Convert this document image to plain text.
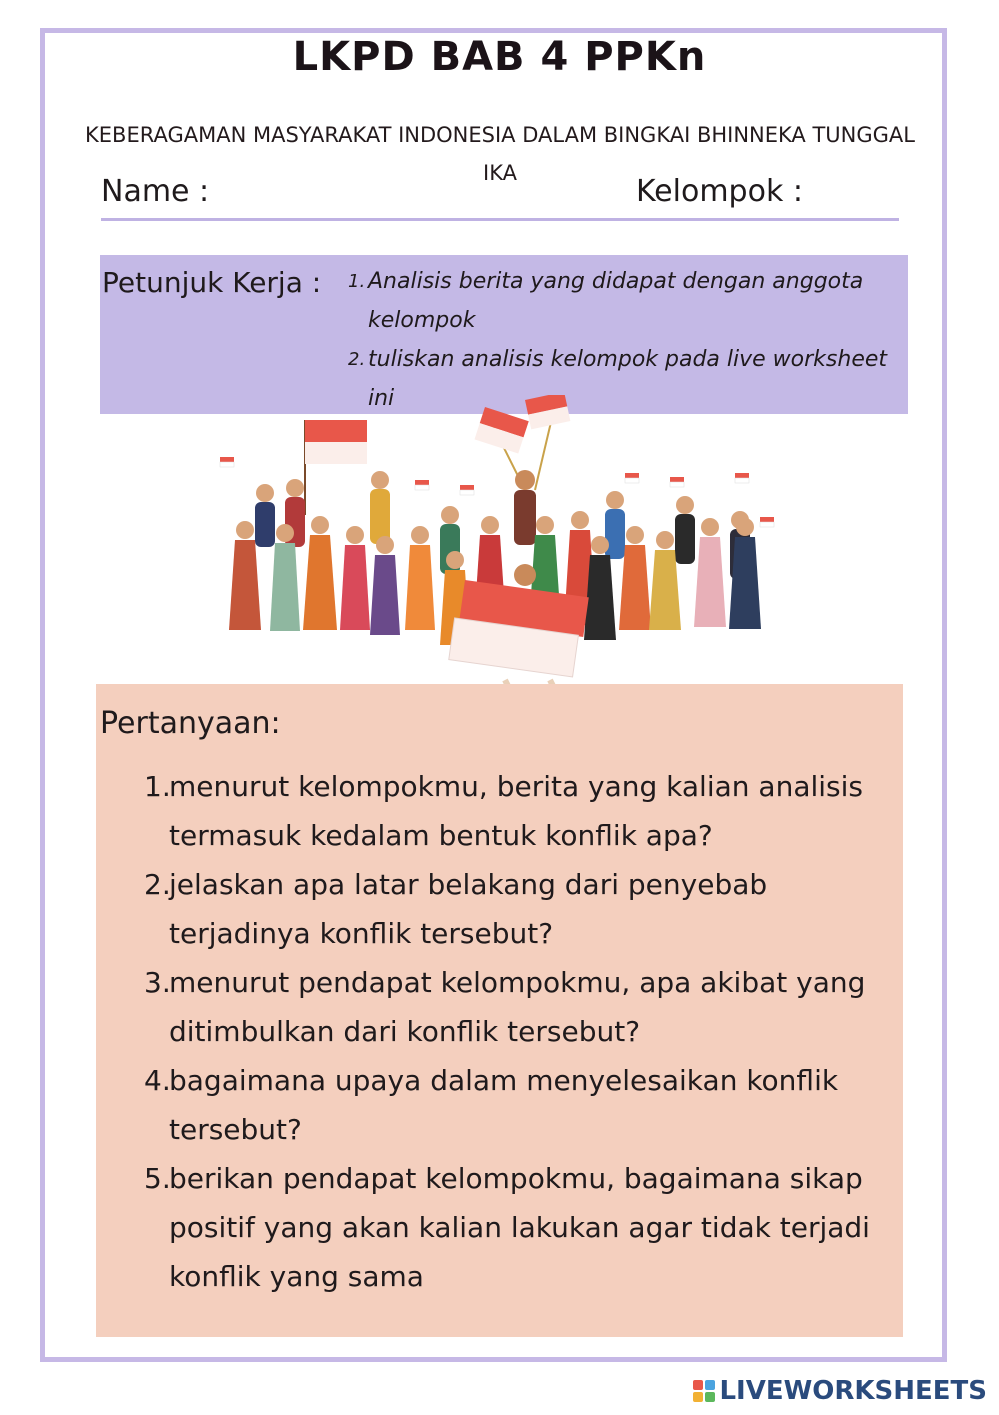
LKPD BAB 4 PPKn
KEBERAGAMAN MASYARAKAT INDONESIA DALAM BINGKAI BHINNEKA TUNGGAL IKA
Name :	Kelompok :
Petunjuk Kerja : 1. Analisis berita yang didapat dengan anggota kelompok
2. tuliskan analisis kelompok pada live worksheet ini
Pertanyaan:
1.
menurut kelompokmu, berita yang kalian analisis termasuk kedalam bentuk konflik apa?
2.
jelaskan apa latar belakang dari penyebab terjadinya konflik tersebut?
3.
menurut pendapat kelompokmu, apa akibat yang ditimbulkan dari konflik tersebut?
4.
bagaimana upaya dalam menyelesaikan konflik tersebut?
5.
berikan pendapat kelompokmu, bagaimana sikap positif yang akan kalian lakukan agar tidak terjadi konflik yang sama
LIVEWORKSHEETS
